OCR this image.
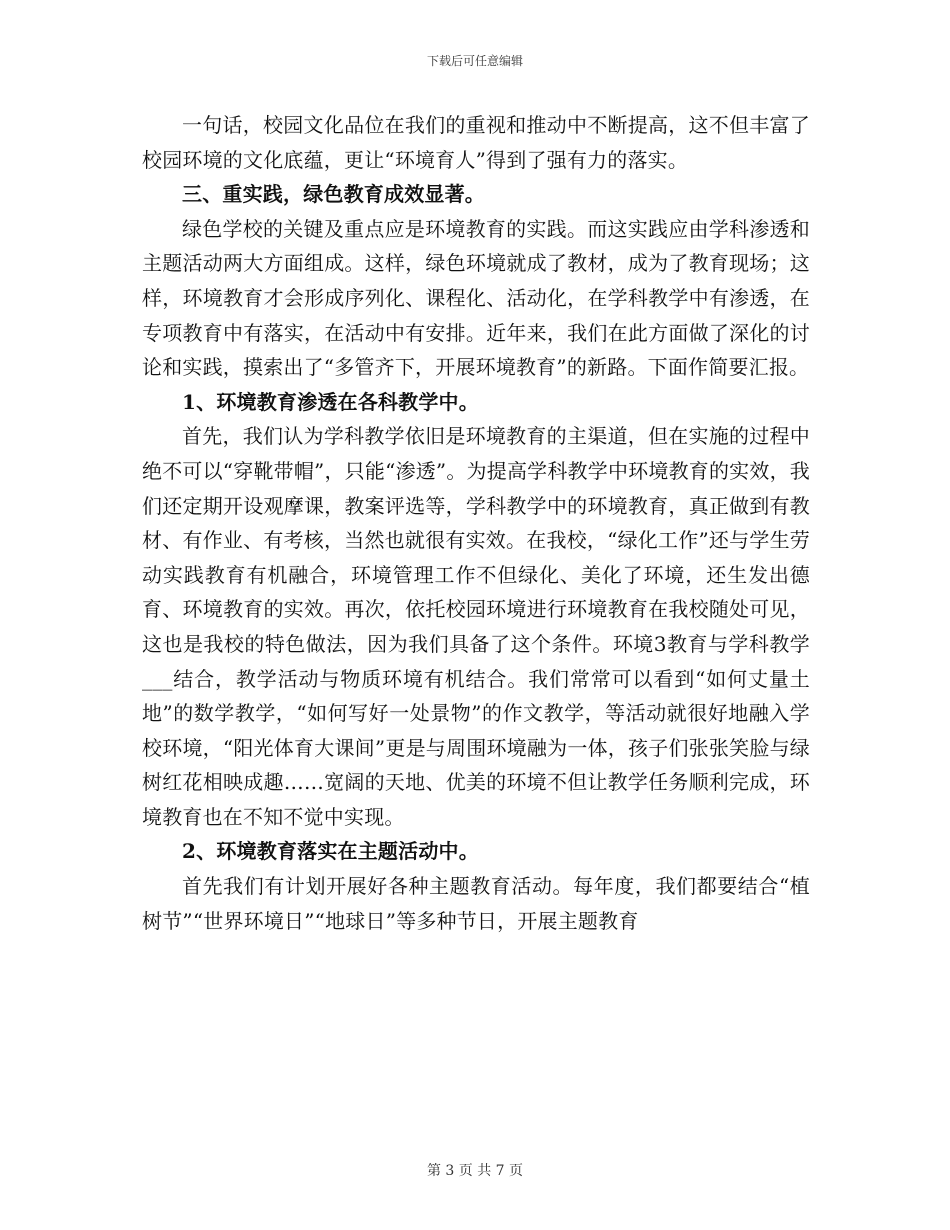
下载后可任意编辑

一句话，校园文化品位在我们的重视和推动中不断提高，这不但丰富了校园环境的文化底蕴，更让“环境育人”得到了强有力的落实。

三、重实践，绿色教育成效显著。

绿色学校的关键及重点应是环境教育的实践。而这实践应由学科渗透和主题活动两大方面组成。这样，绿色环境就成了教材，成为了教育现场；这样，环境教育才会形成序列化、课程化、活动化，在学科教学中有渗透，在专项教育中有落实，在活动中有安排。近年来，我们在此方面做了深化的讨论和实践，摸索出了“多管齐下，开展环境教育”的新路。下面作简要汇报。

1、环境教育渗透在各科教学中。

首先，我们认为学科教学依旧是环境教育的主渠道，但在实施的过程中绝不可以“穿靴带帽”，只能“渗透”。为提高学科教学中环境教育的实效，我们还定期开设观摩课，教案评选等，学科教学中的环境教育，真正做到有教材、有作业、有考核，当然也就很有实效。在我校，“绿化工作”还与学生劳动实践教育有机融合，环境管理工作不但绿化、美化了环境，还生发出德育、环境教育的实效。再次，依托校园环境进行环境教育在我校随处可见，这也是我校的特色做法，因为我们具备了这个条件。环境3教育与学科教学___结合，教学活动与物质环境有机结合。我们常常可以看到“如何丈量土地”的数学教学，“如何写好一处景物”的作文教学，等活动就很好地融入学校环境，“阳光体育大课间”更是与周围环境融为一体，孩子们张张笑脸与绿树红花相映成趣……宽阔的天地、优美的环境不但让教学任务顺利完成，环境教育也在不知不觉中实现。

2、环境教育落实在主题活动中。

首先我们有计划开展好各种主题教育活动。每年度，我们都要结合“植树节”“世界环境日”“地球日”等多种节日，开展主题教育

第 3 页 共 7 页
